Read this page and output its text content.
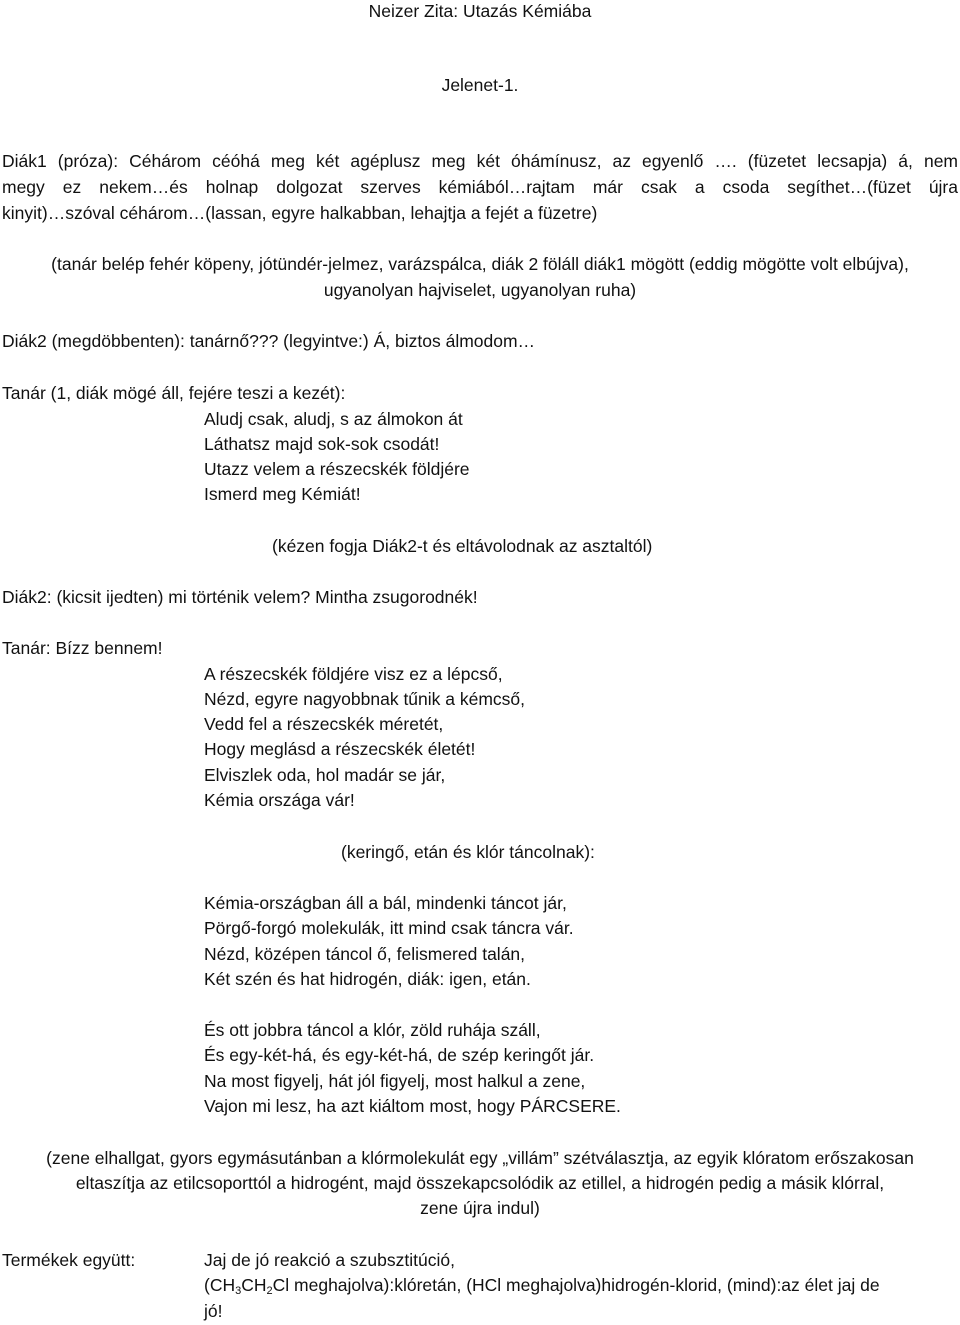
Neizer Zita: Utazás Kémiába
Jelenet-1.
Diák1 (próza): Céhárom céóhá meg két agéplusz meg két óhámínusz, az egyenlő …. (füzetet lecsapja) á, nem
megy ez nekem…és holnap dolgozat szerves kémiából…rajtam már csak a csoda segíthet…(füzet újra
kinyit)…szóval céhárom…(lassan, egyre halkabban, lehajtja a fejét a füzetre)
(tanár belép fehér köpeny, jótündér-jelmez, varázspálca, diák 2 föláll diák1 mögött (eddig mögötte volt elbújva),
ugyanolyan hajviselet, ugyanolyan ruha)
Diák2 (megdöbbenten): tanárnő??? (legyintve:) Á, biztos álmodom…
Tanár (1, diák mögé áll, fejére teszi a kezét):
Aludj csak, aludj, s az álmokon át
Láthatsz majd sok-sok csodát!
Utazz velem a részecskék földjére
Ismerd meg Kémiát!
(kézen fogja Diák2-t és eltávolodnak az asztaltól)
Diák2: (kicsit ijedten) mi történik velem? Mintha zsugorodnék!
Tanár: Bízz bennem!
A részecskék földjére visz ez a lépcső,
Nézd, egyre nagyobbnak tűnik a kémcső,
Vedd fel a részecskék méretét,
Hogy meglásd a részecskék életét!
Elviszlek oda, hol madár se jár,
Kémia országa vár!
(keringő, etán és klór táncolnak):
Kémia-országban áll a bál, mindenki táncot jár,
Pörgő-forgó molekulák, itt mind csak táncra vár.
Nézd, középen táncol ő, felismered talán,
Két szén és hat hidrogén, diák: igen, etán.
És ott jobbra táncol a klór, zöld ruhája száll,
És egy-két-há, és egy-két-há, de szép keringőt jár.
Na most figyelj, hát jól figyelj, most halkul a zene,
Vajon mi lesz, ha azt kiáltom most, hogy PÁRCSERE.
(zene elhallgat, gyors egymásutánban a klórmolekulát egy „villám” szétválasztja, az egyik klóratom erőszakosan
eltaszítja az etilcsoporttól a hidrogént, majd összekapcsolódik az etillel, a hidrogén pedig a másik klórral,
zene újra indul)
Termékek együtt:	Jaj de jó reakció a szubsztitúció,
($CH_3CH_2Cl$ meghajolva):klóretán, (HCl meghajolva)hidrogén-klorid, (mind):az élet jaj de
jó!
